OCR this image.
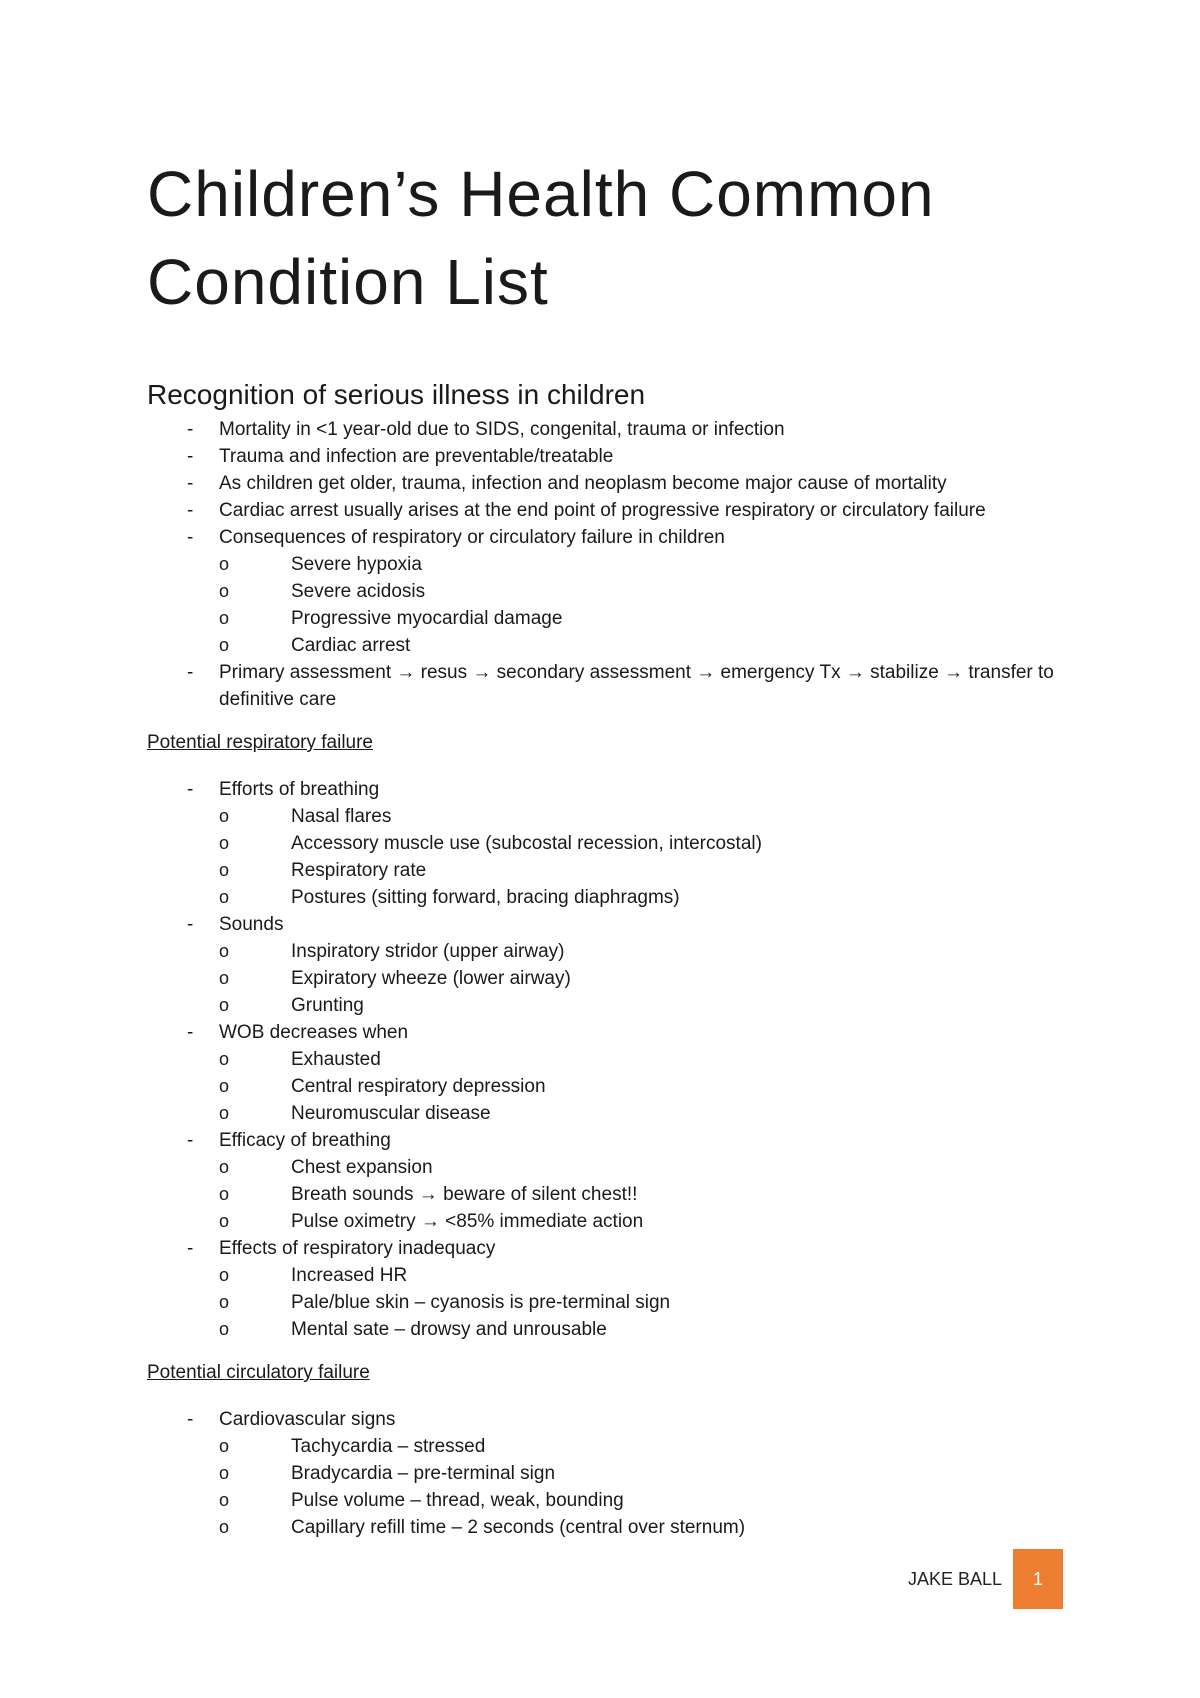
Children’s Health Common
Condition List
Recognition of serious illness in children
- Mortality in <1 year-old due to SIDS, congenital, trauma or infection
- Trauma and infection are preventable/treatable
- As children get older, trauma, infection and neoplasm become major cause of mortality
- Cardiac arrest usually arises at the end point of progressive respiratory or circulatory failure
- Consequences of respiratory or circulatory failure in children
o	Severe hypoxia
o	Severe acidosis
o	Progressive myocardial damage
o	Cardiac arrest
- Primary assessment → resus → secondary assessment → emergency Tx → stabilize → transfer to definitive care
Potential respiratory failure
- Efforts of breathing
o	Nasal flares
o	Accessory muscle use (subcostal recession, intercostal)
o	Respiratory rate
o	Postures (sitting forward, bracing diaphragms)
- Sounds
o	Inspiratory stridor (upper airway)
o	Expiratory wheeze (lower airway)
o	Grunting
- WOB decreases when
o	Exhausted
o	Central respiratory depression
o	Neuromuscular disease
- Efficacy of breathing
o	Chest expansion
o	Breath sounds → beware of silent chest!!
o	Pulse oximetry → <85% immediate action
- Effects of respiratory inadequacy
o	Increased HR
o	Pale/blue skin – cyanosis is pre-terminal sign
o	Mental sate – drowsy and unrousable
Potential circulatory failure
- Cardiovascular signs
o	Tachycardia – stressed
o	Bradycardia – pre-terminal sign
o	Pulse volume – thread, weak, bounding
o	Capillary refill time – 2 seconds (central over sternum)
JAKE BALL	1
